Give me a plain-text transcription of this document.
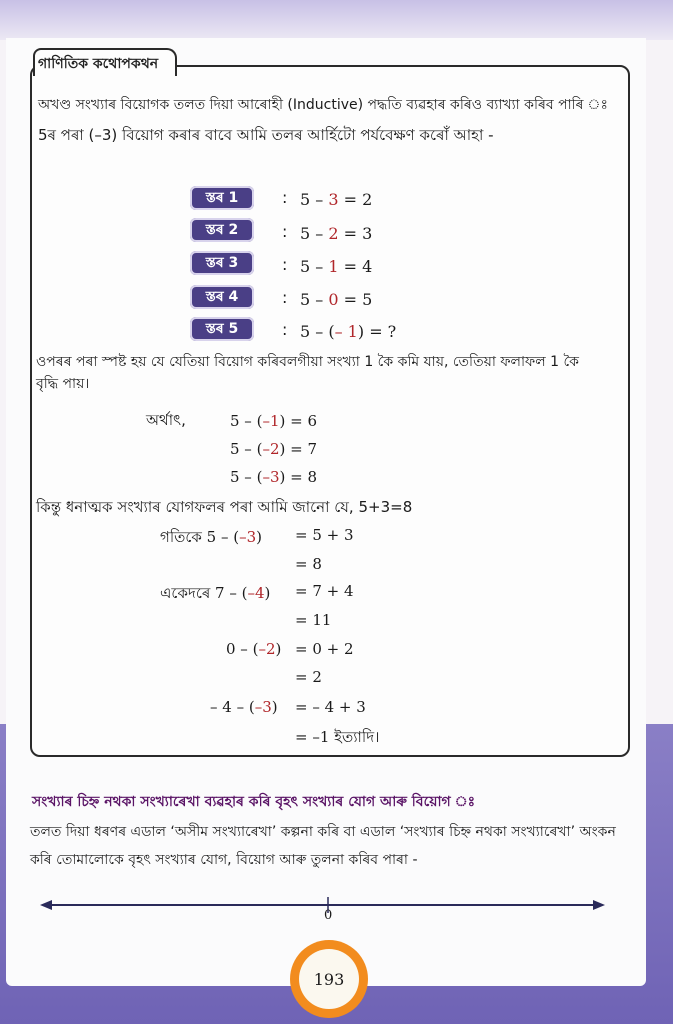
গাণিতিক কথোপকথন
অখণ্ড সংখ্যাৰ বিয়োগক তলত দিয়া আৰোহী (Inductive) পদ্ধতি ব্যৱহাৰ কৰিও ব্যাখ্যা কৰিব পাৰি ঃ
5ৰ পৰা (–3) বিয়োগ কৰাৰ বাবে আমি তলৰ আৰ্হিটো পৰ্যবেক্ষণ কৰোঁ আহা -
স্তৰ 1	: 5 – 3 = 2
স্তৰ 2	: 5 – 2 = 3
স্তৰ 3	: 5 – 1 = 4
স্তৰ 4	: 5 – 0 = 5
স্তৰ 5	: 5 – (– 1) = ?
ওপৰৰ পৰা স্পষ্ট হয় যে যেতিয়া বিয়োগ কৰিবলগীয়া সংখ্যা 1 কৈ কমি যায়, তেতিয়া ফলাফল 1 কৈ
বৃদ্ধি পায়।
অৰ্থাৎ,	5 – (–1) = 6
5 – (–2) = 7
5 – (–3) = 8
কিন্তু ধনাত্মক সংখ্যাৰ যোগফলৰ পৰা আমি জানো যে, 5+3=8
গতিকে 5 – (–3) = 5 + 3
= 8
একেদৰে 7 – (–4) = 7 + 4
= 11
0 – (–2) = 0 + 2
= 2
– 4 – (–3) = – 4 + 3
= –1 ইত্যাদি।
সংখ্যাৰ চিহ্ন নথকা সংখ্যাৰেখা ব্যৱহাৰ কৰি বৃহৎ সংখ্যাৰ যোগ আৰু বিয়োগ ঃ
তলত দিয়া ধৰণৰ এডাল ‘অসীম সংখ্যাৰেখা’ কল্পনা কৰি বা এডাল ‘সংখ্যাৰ চিহ্ন নথকা সংখ্যাৰেখা’ অংকন
কৰি তোমালোকে বৃহৎ সংখ্যাৰ যোগ, বিয়োগ আৰু তুলনা কৰিব পাৰা -
0
193
